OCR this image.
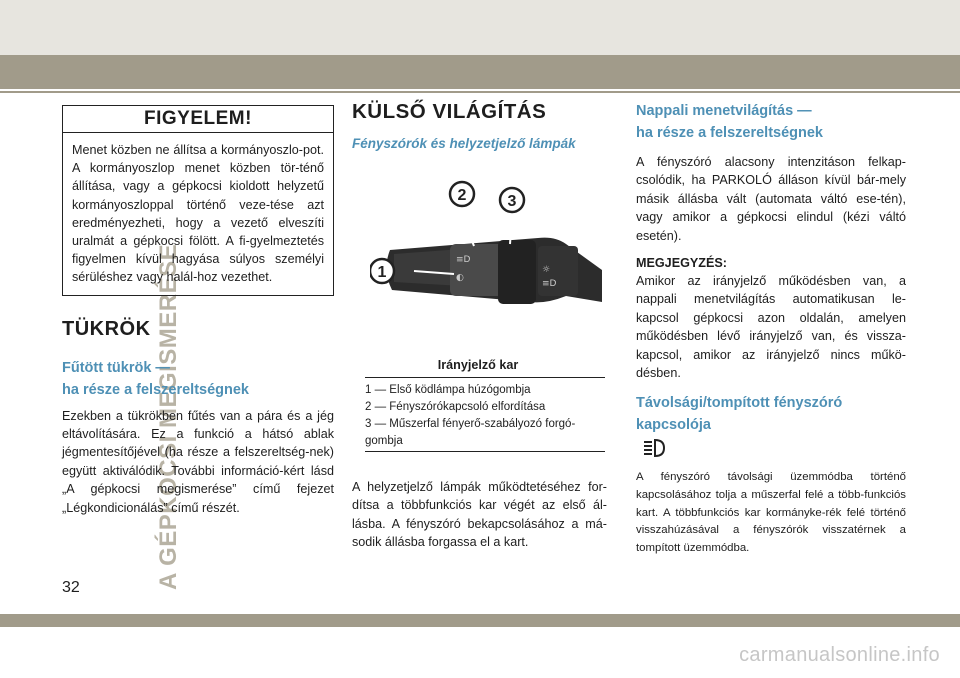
A GÉPKOCSI MEGISMERÉSE
FIGYELEM!
Menet közben ne állítsa a kormányoszlo-pot. A kormányoszlop menet közben tör-ténő állítása, vagy a gépkocsi kioldott helyzetű kormányoszloppal történő veze-tése azt eredményezheti, hogy a vezető elveszíti uralmát a gépkocsi fölött. A fi-gyelmeztetés figyelmen kívül hagyása súlyos személyi sérüléshez vagy halál-hoz vezethet.
TÜKRÖK
Fűtött tükrök —
ha része a felszereltségnek
Ezekben a tükrökben fűtés van a pára és a jég eltávolítására. Ez a funkció a hátsó ablak jégmentesítőjével (ha része a felszereltség-nek) együtt aktiválódik. További információ-kért lásd „A gépkocsi megismerése” című fejezet „Légkondicionálás” című részét.
KÜLSŐ VILÁGÍTÁS
Fényszórók és helyzetjelző lámpák
≡D
◐
☼
≡D
1
2	3
Irányjelző kar
1 — Első ködlámpa húzógombja
2 — Fényszórókapcsoló elfordítása
3 — Műszerfal fényerő-szabályozó forgó-gombja
A helyzetjelző lámpák működtetéséhez for-dítsa a többfunkciós kar végét az első ál-lásba. A fényszóró bekapcsolásához a má-sodik állásba forgassa el a kart.
Nappali menetvilágítás —
ha része a felszereltségnek
A fényszóró alacsony intenzitáson felkap-csolódik, ha PARKOLÓ álláson kívül bár-mely másik állásba vált (automata váltó ese-tén), vagy amikor a gépkocsi elindul (kézi váltó esetén).
MEGJEGYZÉS:
Amikor az irányjelző működésben van, a nappali menetvilágítás automatikusan le-kapcsol gépkocsi azon oldalán, amelyen működésben lévő irányjelző van, és vissza-kapcsol, amikor az irányjelző nincs műkö-désben.
Távolsági/tompított fényszóró
kapcsolója
A fényszóró távolsági üzemmódba történő kapcsolásához tolja a műszerfal felé a több-funkciós kart. A többfunkciós kar kormányke-rék felé történő visszahúzásával a fényszórók visszatérnek a tompított üzemmódba.
32
carmanualsonline.info
